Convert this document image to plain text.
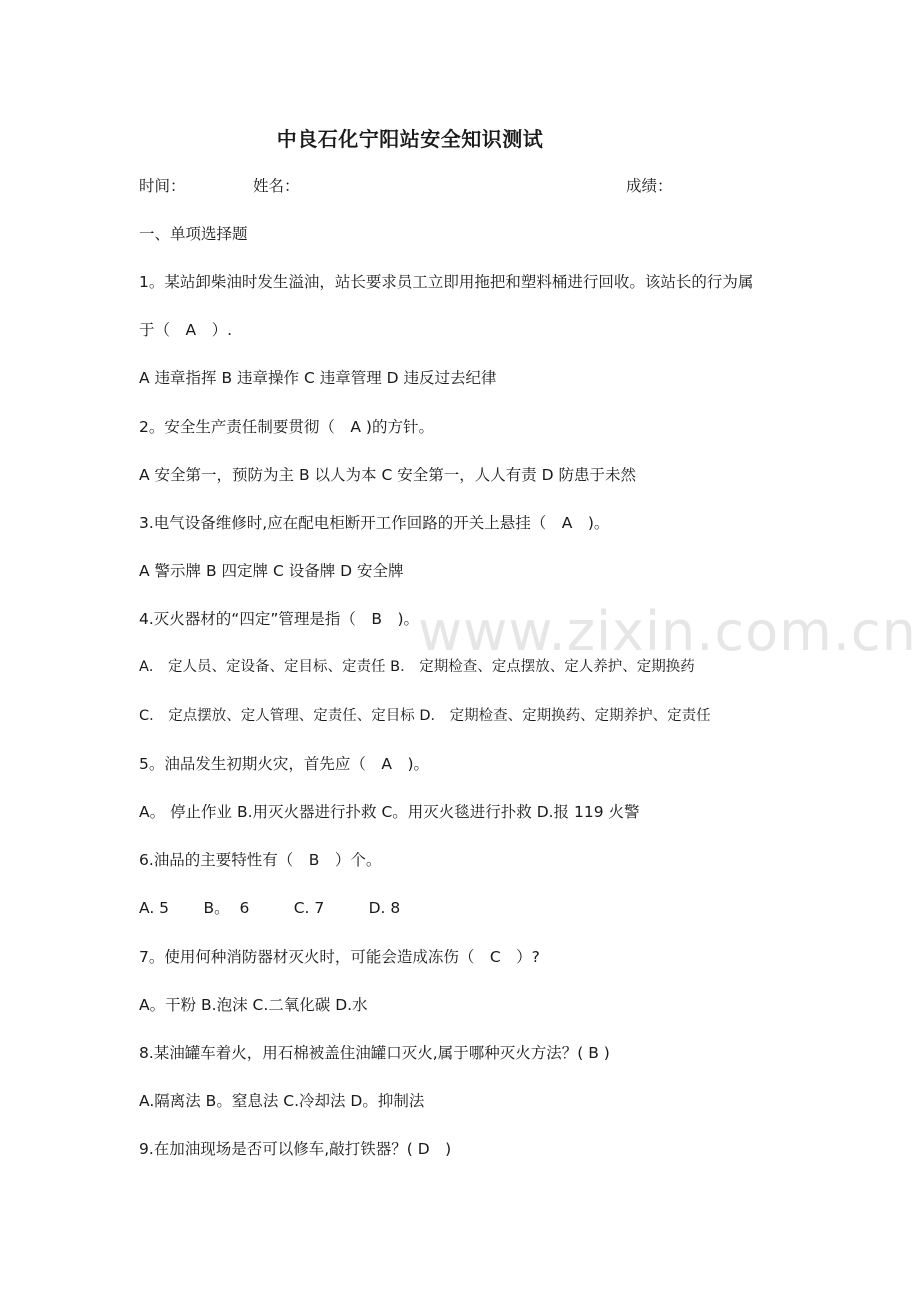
中良石化宁阳站安全知识测试
时间：	姓名：	成绩：
一、单项选择题
1。某站卸柴油时发生溢油，站长要求员工立即用拖把和塑料桶进行回收。该站长的行为属
于（　A　）.
A 违章指挥 B 违章操作 C 违章管理 D 违反过去纪律
2。安全生产责任制要贯彻（　A )的方针。
A 安全第一，预防为主 B 以人为本 C 安全第一，人人有责 D 防患于未然
3.电气设备维修时,应在配电柜断开工作回路的开关上悬挂（　A　)。
A 警示牌 B 四定牌 C 设备牌 D 安全牌
4.灭火器材的“四定”管理是指（　B　)。
A． 定人员、定设备、定目标、定责任 B． 定期检查、定点摆放、定人养护、定期换药
C． 定点摆放、定人管理、定责任、定目标 D． 定期检查、定期换药、定期养护、定责任
5。油品发生初期火灾，首先应（　A　)。
A。 停止作业 B.用灭火器进行扑救 C。用灭火毯进行扑救 D.报 119 火警
6.油品的主要特性有（　B　）个。
A. 5       B。  6         C. 7         D. 8
7。使用何种消防器材灭火时，可能会造成冻伤（　C　）?
A。干粉 B.泡沫 C.二氧化碳 D.水
8.某油罐车着火，用石棉被盖住油罐口灭火,属于哪种灭火方法？( B )
A.隔离法 B。窒息法 C.冷却法 D。抑制法
9.在加油现场是否可以修车,敲打铁器？( D　)
www.zixin.com.cn
